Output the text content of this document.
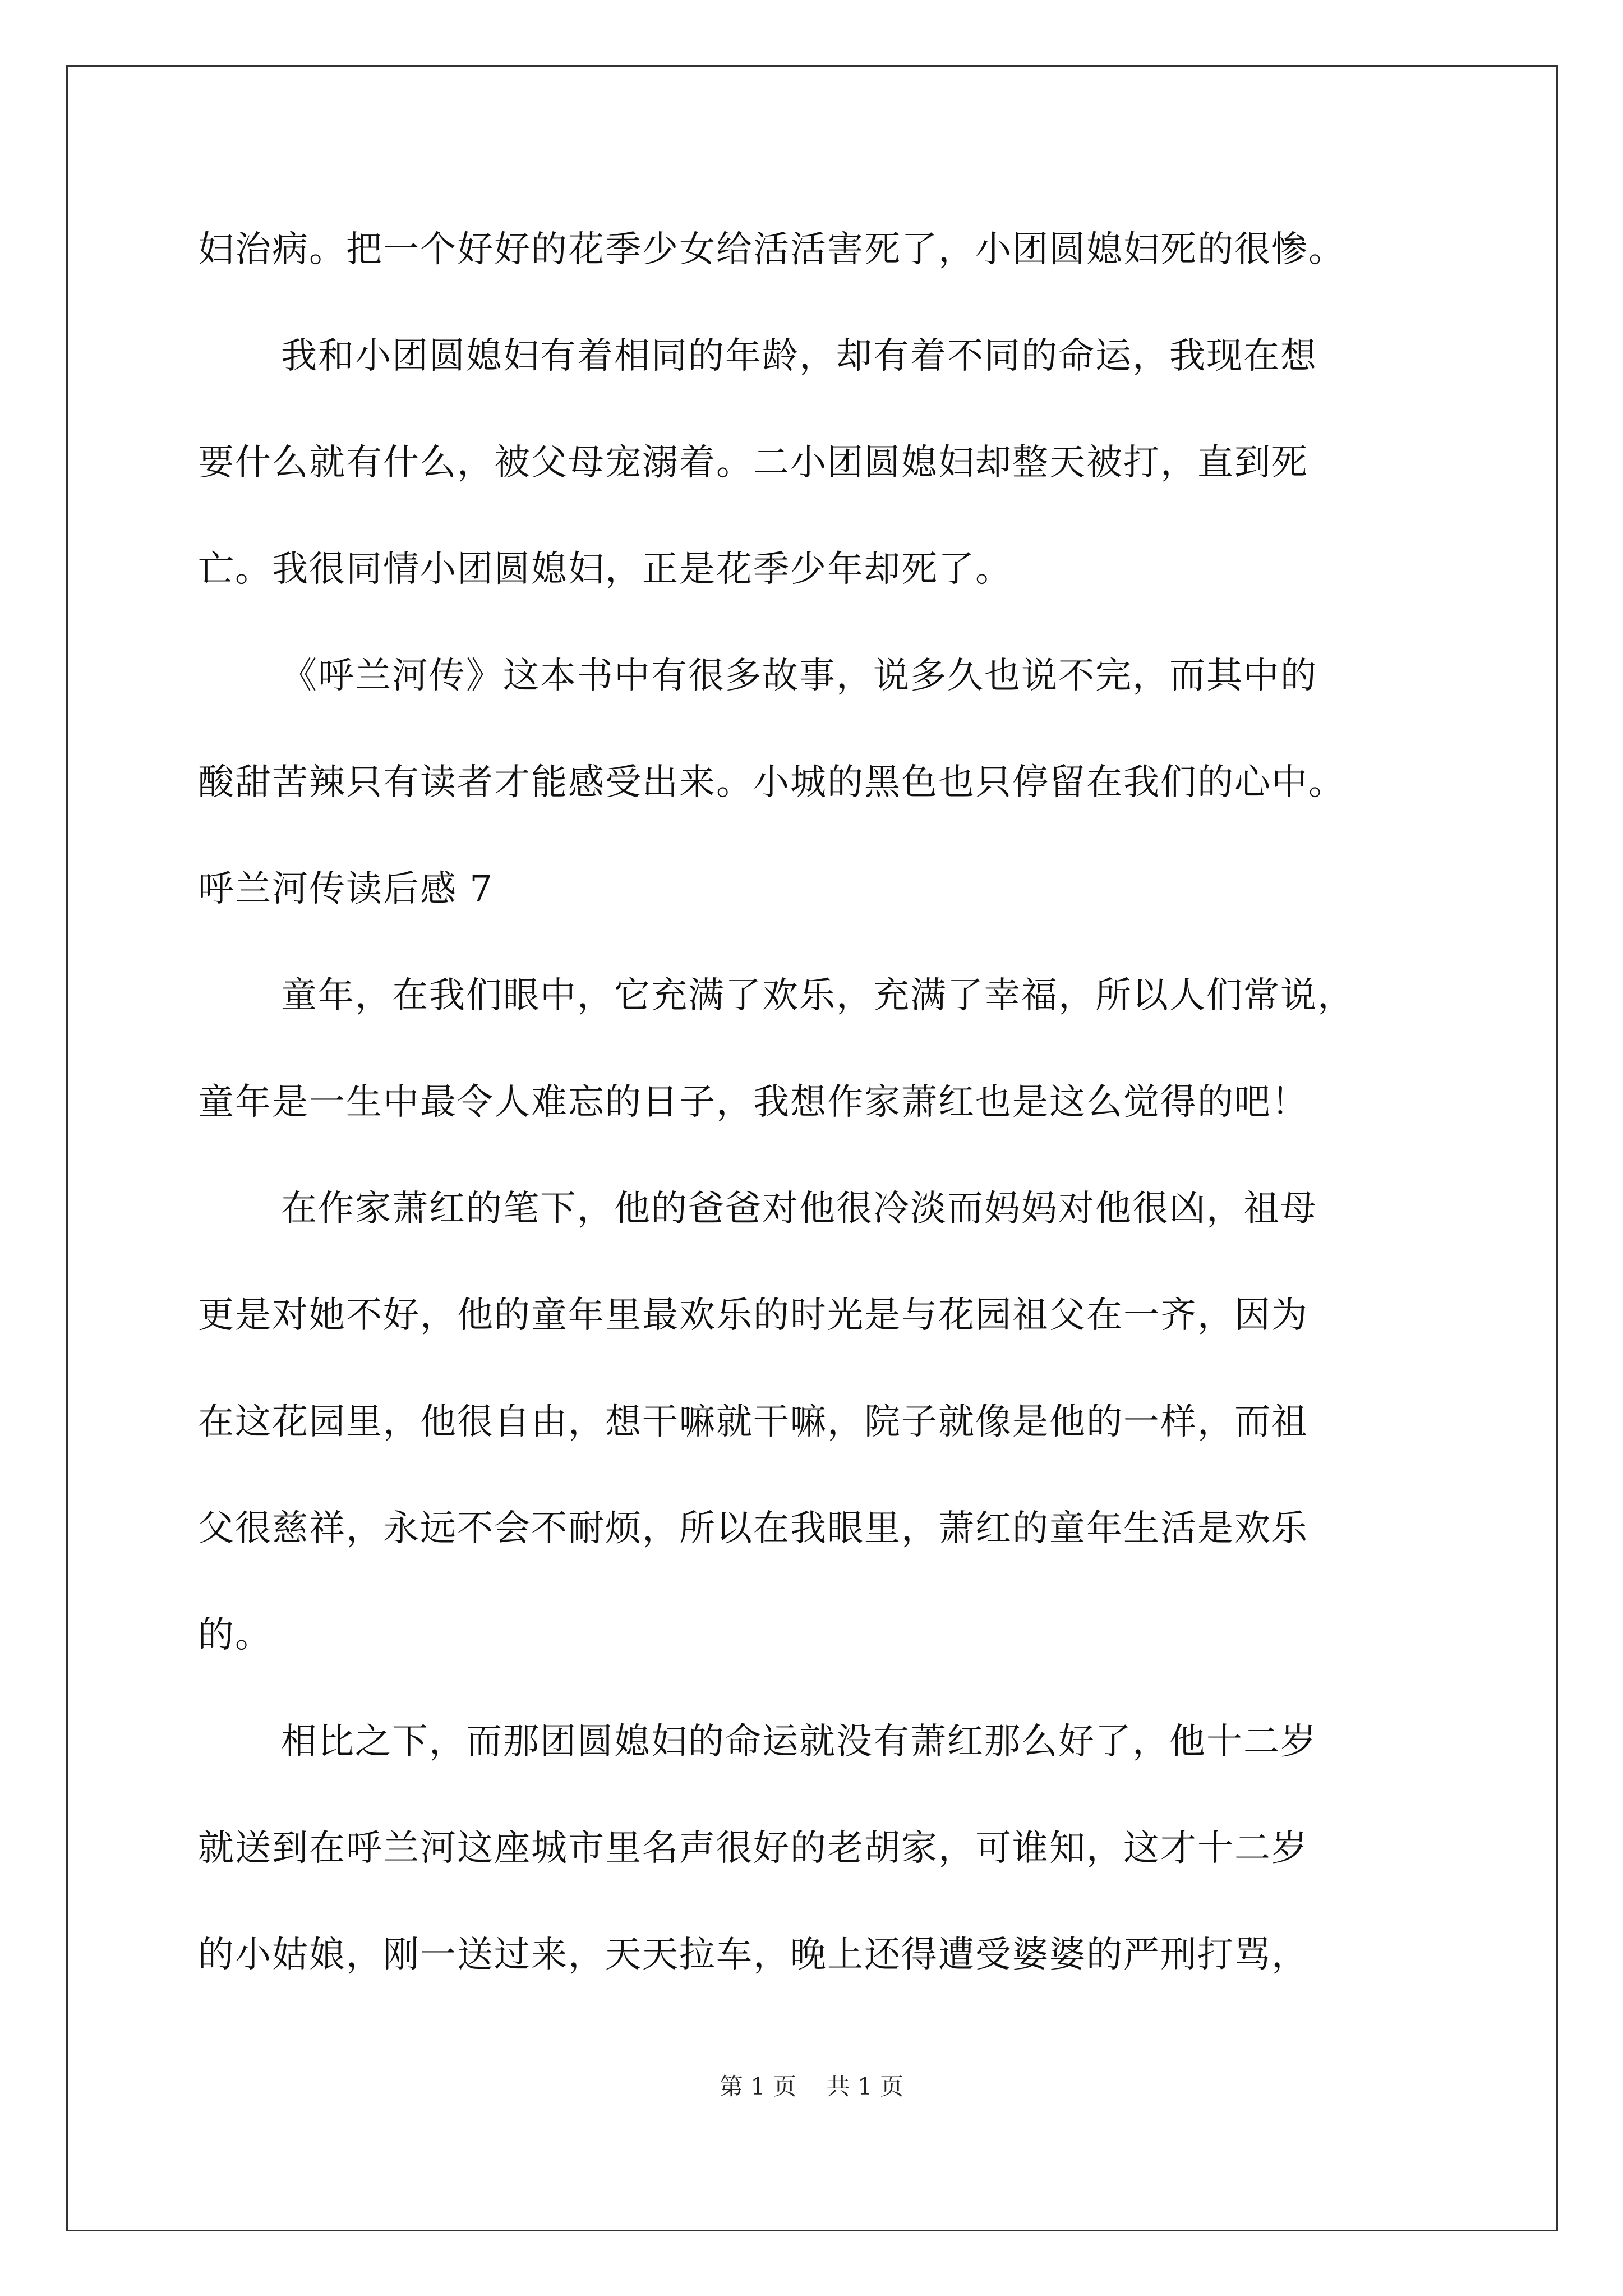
妇治病。把一个好好的花季少女给活活害死了，小团圆媳妇死的很惨。
我和小团圆媳妇有着相同的年龄，却有着不同的命运，我现在想
要什么就有什么，被父母宠溺着。二小团圆媳妇却整天被打，直到死
亡。我很同情小团圆媳妇，正是花季少年却死了。
《呼兰河传》这本书中有很多故事，说多久也说不完，而其中的
酸甜苦辣只有读者才能感受出来。小城的黑色也只停留在我们的心中。
呼兰河传读后感 7
童年，在我们眼中，它充满了欢乐，充满了幸福，所以人们常说，
童年是一生中最令人难忘的日子，我想作家萧红也是这么觉得的吧！
在作家萧红的笔下，他的爸爸对他很冷淡而妈妈对他很凶，祖母
更是对她不好，他的童年里最欢乐的时光是与花园祖父在一齐，因为
在这花园里，他很自由，想干嘛就干嘛，院子就像是他的一样，而祖
父很慈祥，永远不会不耐烦，所以在我眼里，萧红的童年生活是欢乐
的。
相比之下，而那团圆媳妇的命运就没有萧红那么好了，他十二岁
就送到在呼兰河这座城市里名声很好的老胡家，可谁知，这才十二岁
的小姑娘，刚一送过来，天天拉车，晚上还得遭受婆婆的严刑打骂，
第 1 页 共 1 页
